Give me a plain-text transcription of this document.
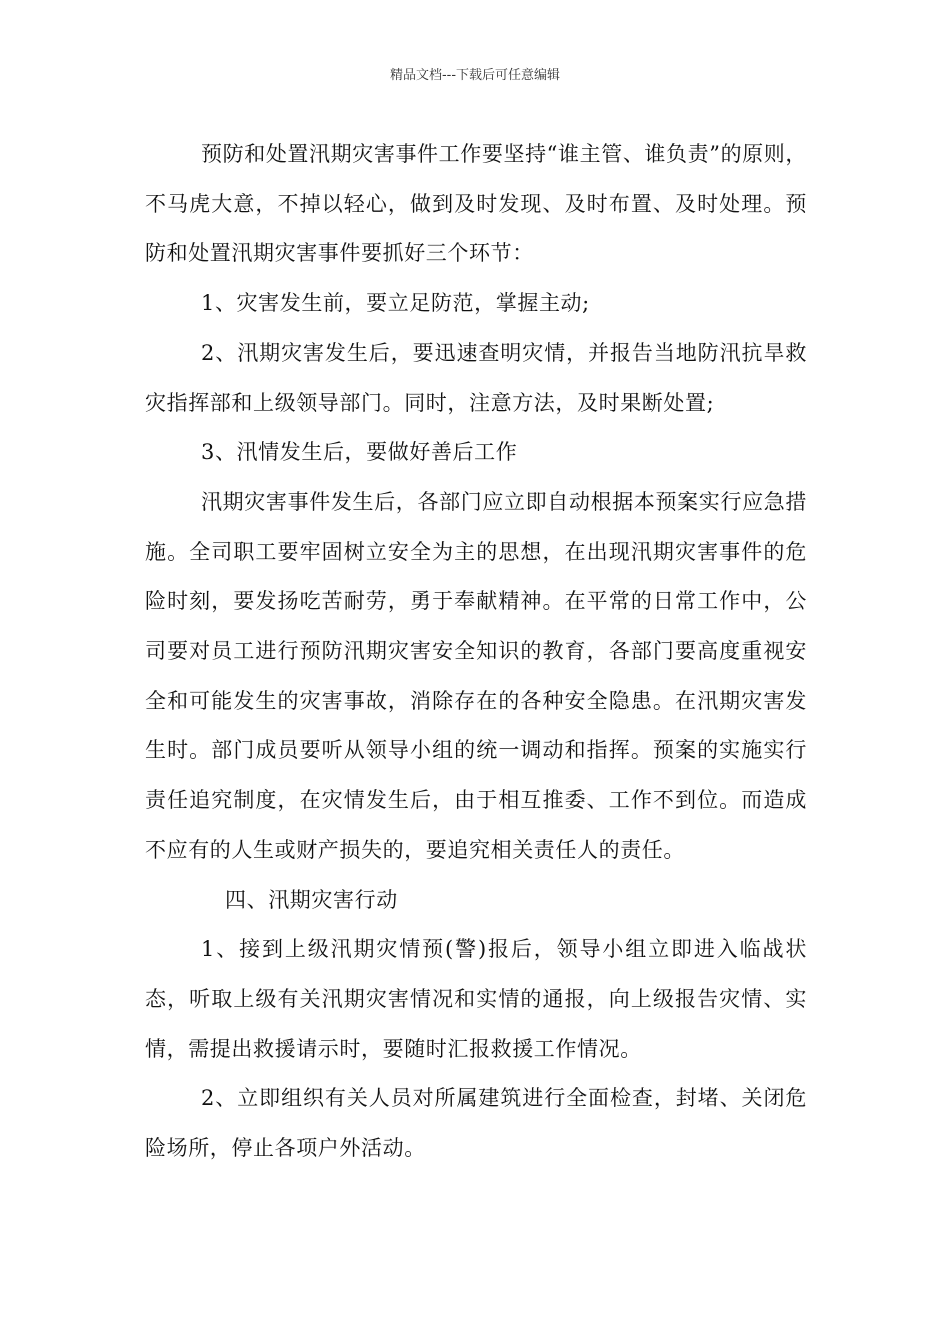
精品文档---下载后可任意编辑

预防和处置汛期灾害事件工作要坚持“谁主管、谁负责”的原则，不马虎大意，不掉以轻心，做到及时发现、及时布置、及时处理。预防和处置汛期灾害事件要抓好三个环节：

1、灾害发生前，要立足防范，掌握主动;

2、汛期灾害发生后，要迅速查明灾情，并报告当地防汛抗旱救灾指挥部和上级领导部门。同时，注意方法，及时果断处置;

3、汛情发生后，要做好善后工作

汛期灾害事件发生后，各部门应立即自动根据本预案实行应急措施。全司职工要牢固树立安全为主的思想，在出现汛期灾害事件的危险时刻，要发扬吃苦耐劳，勇于奉献精神。在平常的日常工作中，公司要对员工进行预防汛期灾害安全知识的教育，各部门要高度重视安全和可能发生的灾害事故，消除存在的各种安全隐患。在汛期灾害发生时。部门成员要听从领导小组的统一调动和指挥。预案的实施实行责任追究制度，在灾情发生后，由于相互推委、工作不到位。而造成不应有的人生或财产损失的，要追究相关责任人的责任。

四、汛期灾害行动

1、接到上级汛期灾情预(警)报后，领导小组立即进入临战状态，听取上级有关汛期灾害情况和实情的通报，向上级报告灾情、实情，需提出救援请示时，要随时汇报救援工作情况。

2、立即组织有关人员对所属建筑进行全面检查，封堵、关闭危险场所，停止各项户外活动。
